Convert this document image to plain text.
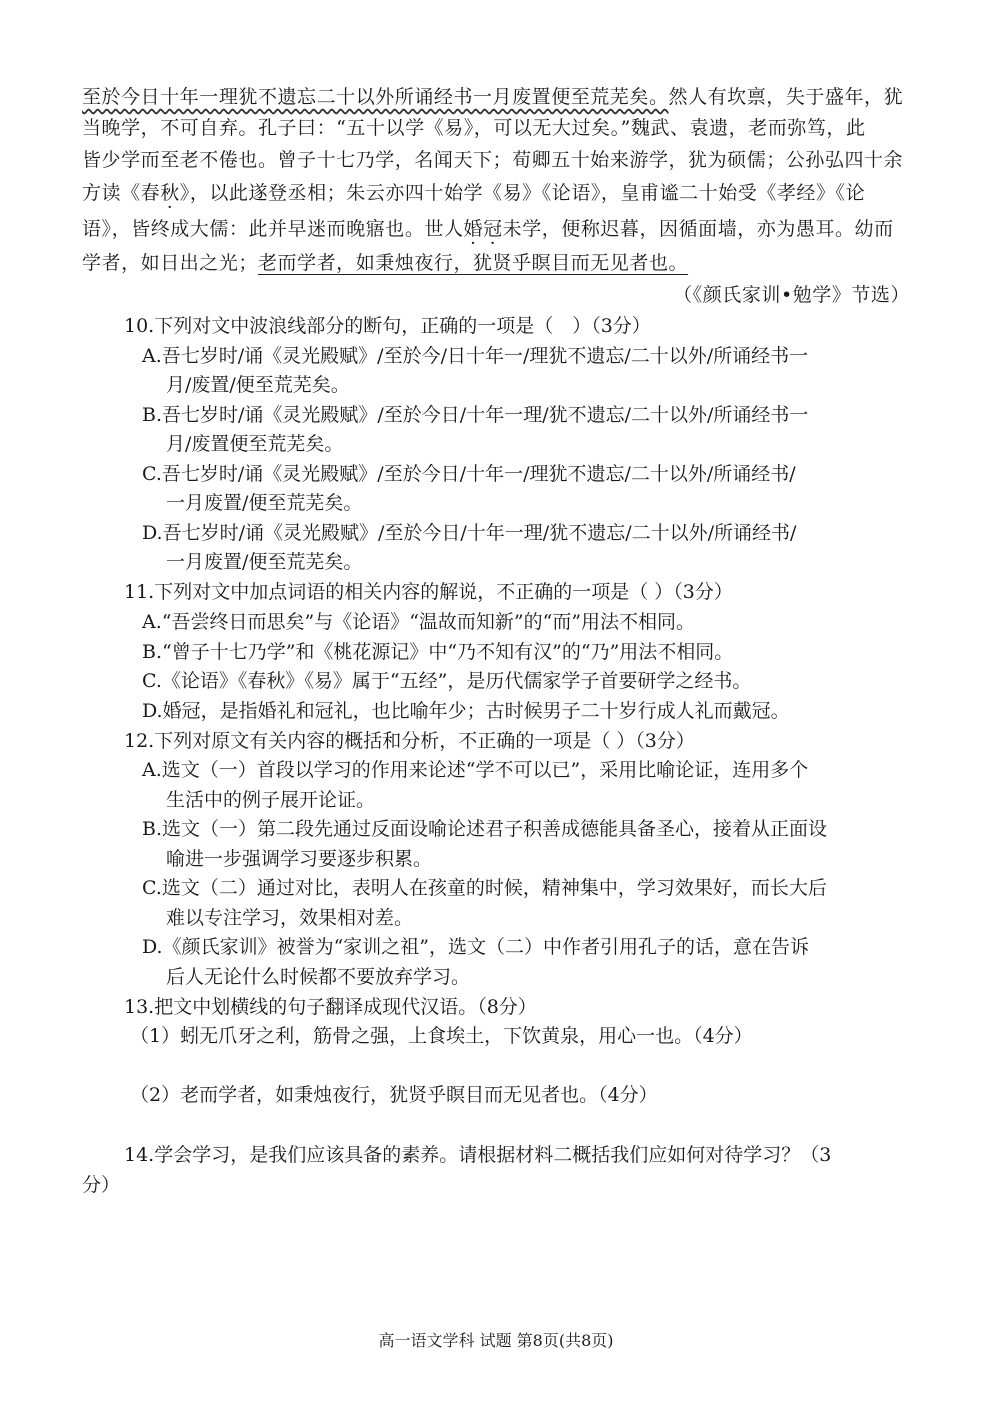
至於今日十年一理犹不遗忘二十以外所诵经书一月废置便至荒芜矣。然人有坎禀，失于盛年，犹
当晚学，不可自弃。孔子曰：“五十以学《易》，可以无大过矣。”魏武、袁遗，老而弥笃，此
皆少学而至老不倦也。曾子十七乃学，名闻天下；荀卿五十始来游学，犹为硕儒；公孙弘四十余
方读《春秋》，以此遂登丞相；朱云亦四十始学《易》《论语》，皇甫谧二十始受《孝经》《论
语》，皆终成大儒：此并早迷而晚寤也。世人婚冠未学，便称迟暮，因循面墙，亦为愚耳。幼而
学者，如日出之光；老而学者，如秉烛夜行，犹贤乎瞑目而无见者也。
（《颜氏家训•勉学》节选）
10.下列对文中波浪线部分的断句，正确的一项是（　）（3分）
A.吾七岁时/诵《灵光殿赋》/至於今/日十年一/理犹不遗忘/二十以外/所诵经书一
月/废置/便至荒芜矣。
B.吾七岁时/诵《灵光殿赋》/至於今日/十年一理/犹不遗忘/二十以外/所诵经书一
月/废置便至荒芜矣。
C.吾七岁时/诵《灵光殿赋》/至於今日/十年一/理犹不遗忘/二十以外/所诵经书/
一月废置/便至荒芜矣。
D.吾七岁时/诵《灵光殿赋》/至於今日/十年一理/犹不遗忘/二十以外/所诵经书/
一月废置/便至荒芜矣。
11.下列对文中加点词语的相关内容的解说，不正确的一项是（ ）（3分）
A.“吾尝终日而思矣”与《论语》“温故而知新”的“而”用法不相同。
B.“曾子十七乃学”和《桃花源记》中“乃不知有汉”的“乃”用法不相同。
C.《论语》《春秋》《易》属于“五经”，是历代儒家学子首要研学之经书。
D.婚冠，是指婚礼和冠礼，也比喻年少；古时候男子二十岁行成人礼而戴冠。
12.下列对原文有关内容的概括和分析，不正确的一项是（ ）（3分）
A.选文（一）首段以学习的作用来论述“学不可以已”，采用比喻论证，连用多个
生活中的例子展开论证。
B.选文（一）第二段先通过反面设喻论述君子积善成德能具备圣心，接着从正面设
喻进一步强调学习要逐步积累。
C.选文（二）通过对比，表明人在孩童的时候，精神集中，学习效果好，而长大后
难以专注学习，效果相对差。
D.《颜氏家训》被誉为“家训之祖”，选文（二）中作者引用孔子的话，意在告诉
后人无论什么时候都不要放弃学习。
13.把文中划横线的句子翻译成现代汉语。（8分）
（1）蚓无爪牙之利，筋骨之强，上食埃土，下饮黄泉，用心一也。（4分）
（2）老而学者，如秉烛夜行，犹贤乎瞑目而无见者也。（4分）
14.学会学习，是我们应该具备的素养。请根据材料二概括我们应如何对待学习？（3
分）
高一语文学科 试题 第8页(共8页)
